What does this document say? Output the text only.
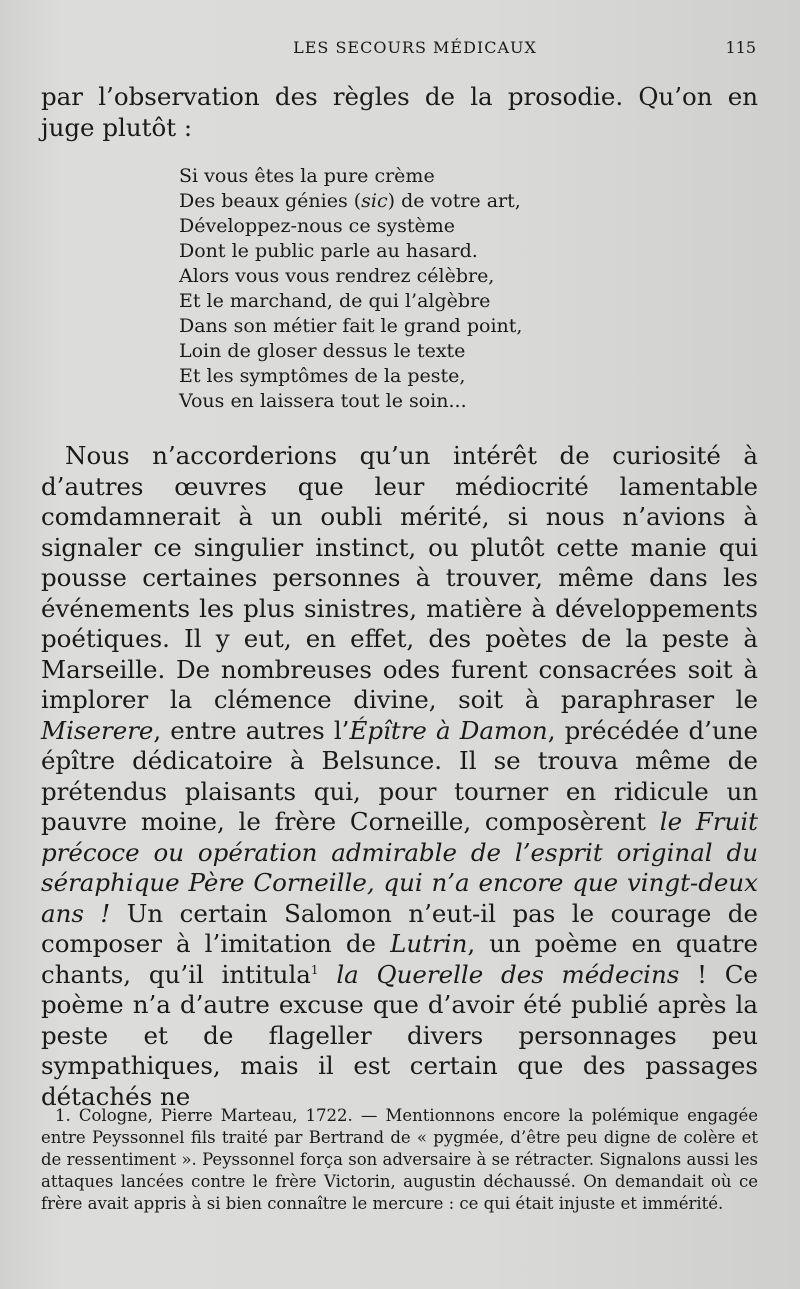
LES SECOURS MÉDICAUX	115
par l’observation des règles de la prosodie. Qu’on en juge plutôt :
Si vous êtes la pure crème
Des beaux génies (sic) de votre art,
Développez-nous ce système
Dont le public parle au hasard.
Alors vous vous rendrez célèbre,
Et le marchand, de qui l’algèbre
Dans son métier fait le grand point,
Loin de gloser dessus le texte
Et les symptômes de la peste,
Vous en laissera tout le soin...
Nous n’accorderions qu’un intérêt de curiosité à d’autres œuvres que leur médiocrité lamentable comdamnerait à un oubli mérité, si nous n’avions à signaler ce singulier instinct, ou plutôt cette manie qui pousse certaines personnes à trouver, même dans les événements les plus sinistres, matière à développements poétiques. Il y eut, en effet, des poètes de la peste à Marseille. De nombreuses odes furent consacrées soit à implorer la clémence divine, soit à paraphraser le Miserere, entre autres l’Épître à Damon, précédée d’une épître dédicatoire à Belsunce. Il se trouva même de prétendus plaisants qui, pour tourner en ridicule un pauvre moine, le frère Corneille, composèrent le Fruit précoce ou opération admirable de l’esprit original du séraphique Père Corneille, qui n’a encore que vingt-deux ans ! Un certain Salomon n’eut-il pas le courage de composer à l’imitation de Lutrin, un poème en quatre chants, qu’il intitula$^1$ la Querelle des médecins ! Ce poème n’a d’autre excuse que d’avoir été publié après la peste et de flageller divers personnages peu sympathiques, mais il est certain que des passages détachés ne
1. Cologne, Pierre Marteau, 1722. — Mentionnons encore la polémique engagée entre Peyssonnel fils traité par Bertrand de « pygmée, d’être peu digne de colère et de ressentiment ». Peyssonnel força son adversaire à se rétracter. Signalons aussi les attaques lancées contre le frère Victorin, augustin déchaussé. On demandait où ce frère avait appris à si bien connaître le mercure : ce qui était injuste et immérité.
